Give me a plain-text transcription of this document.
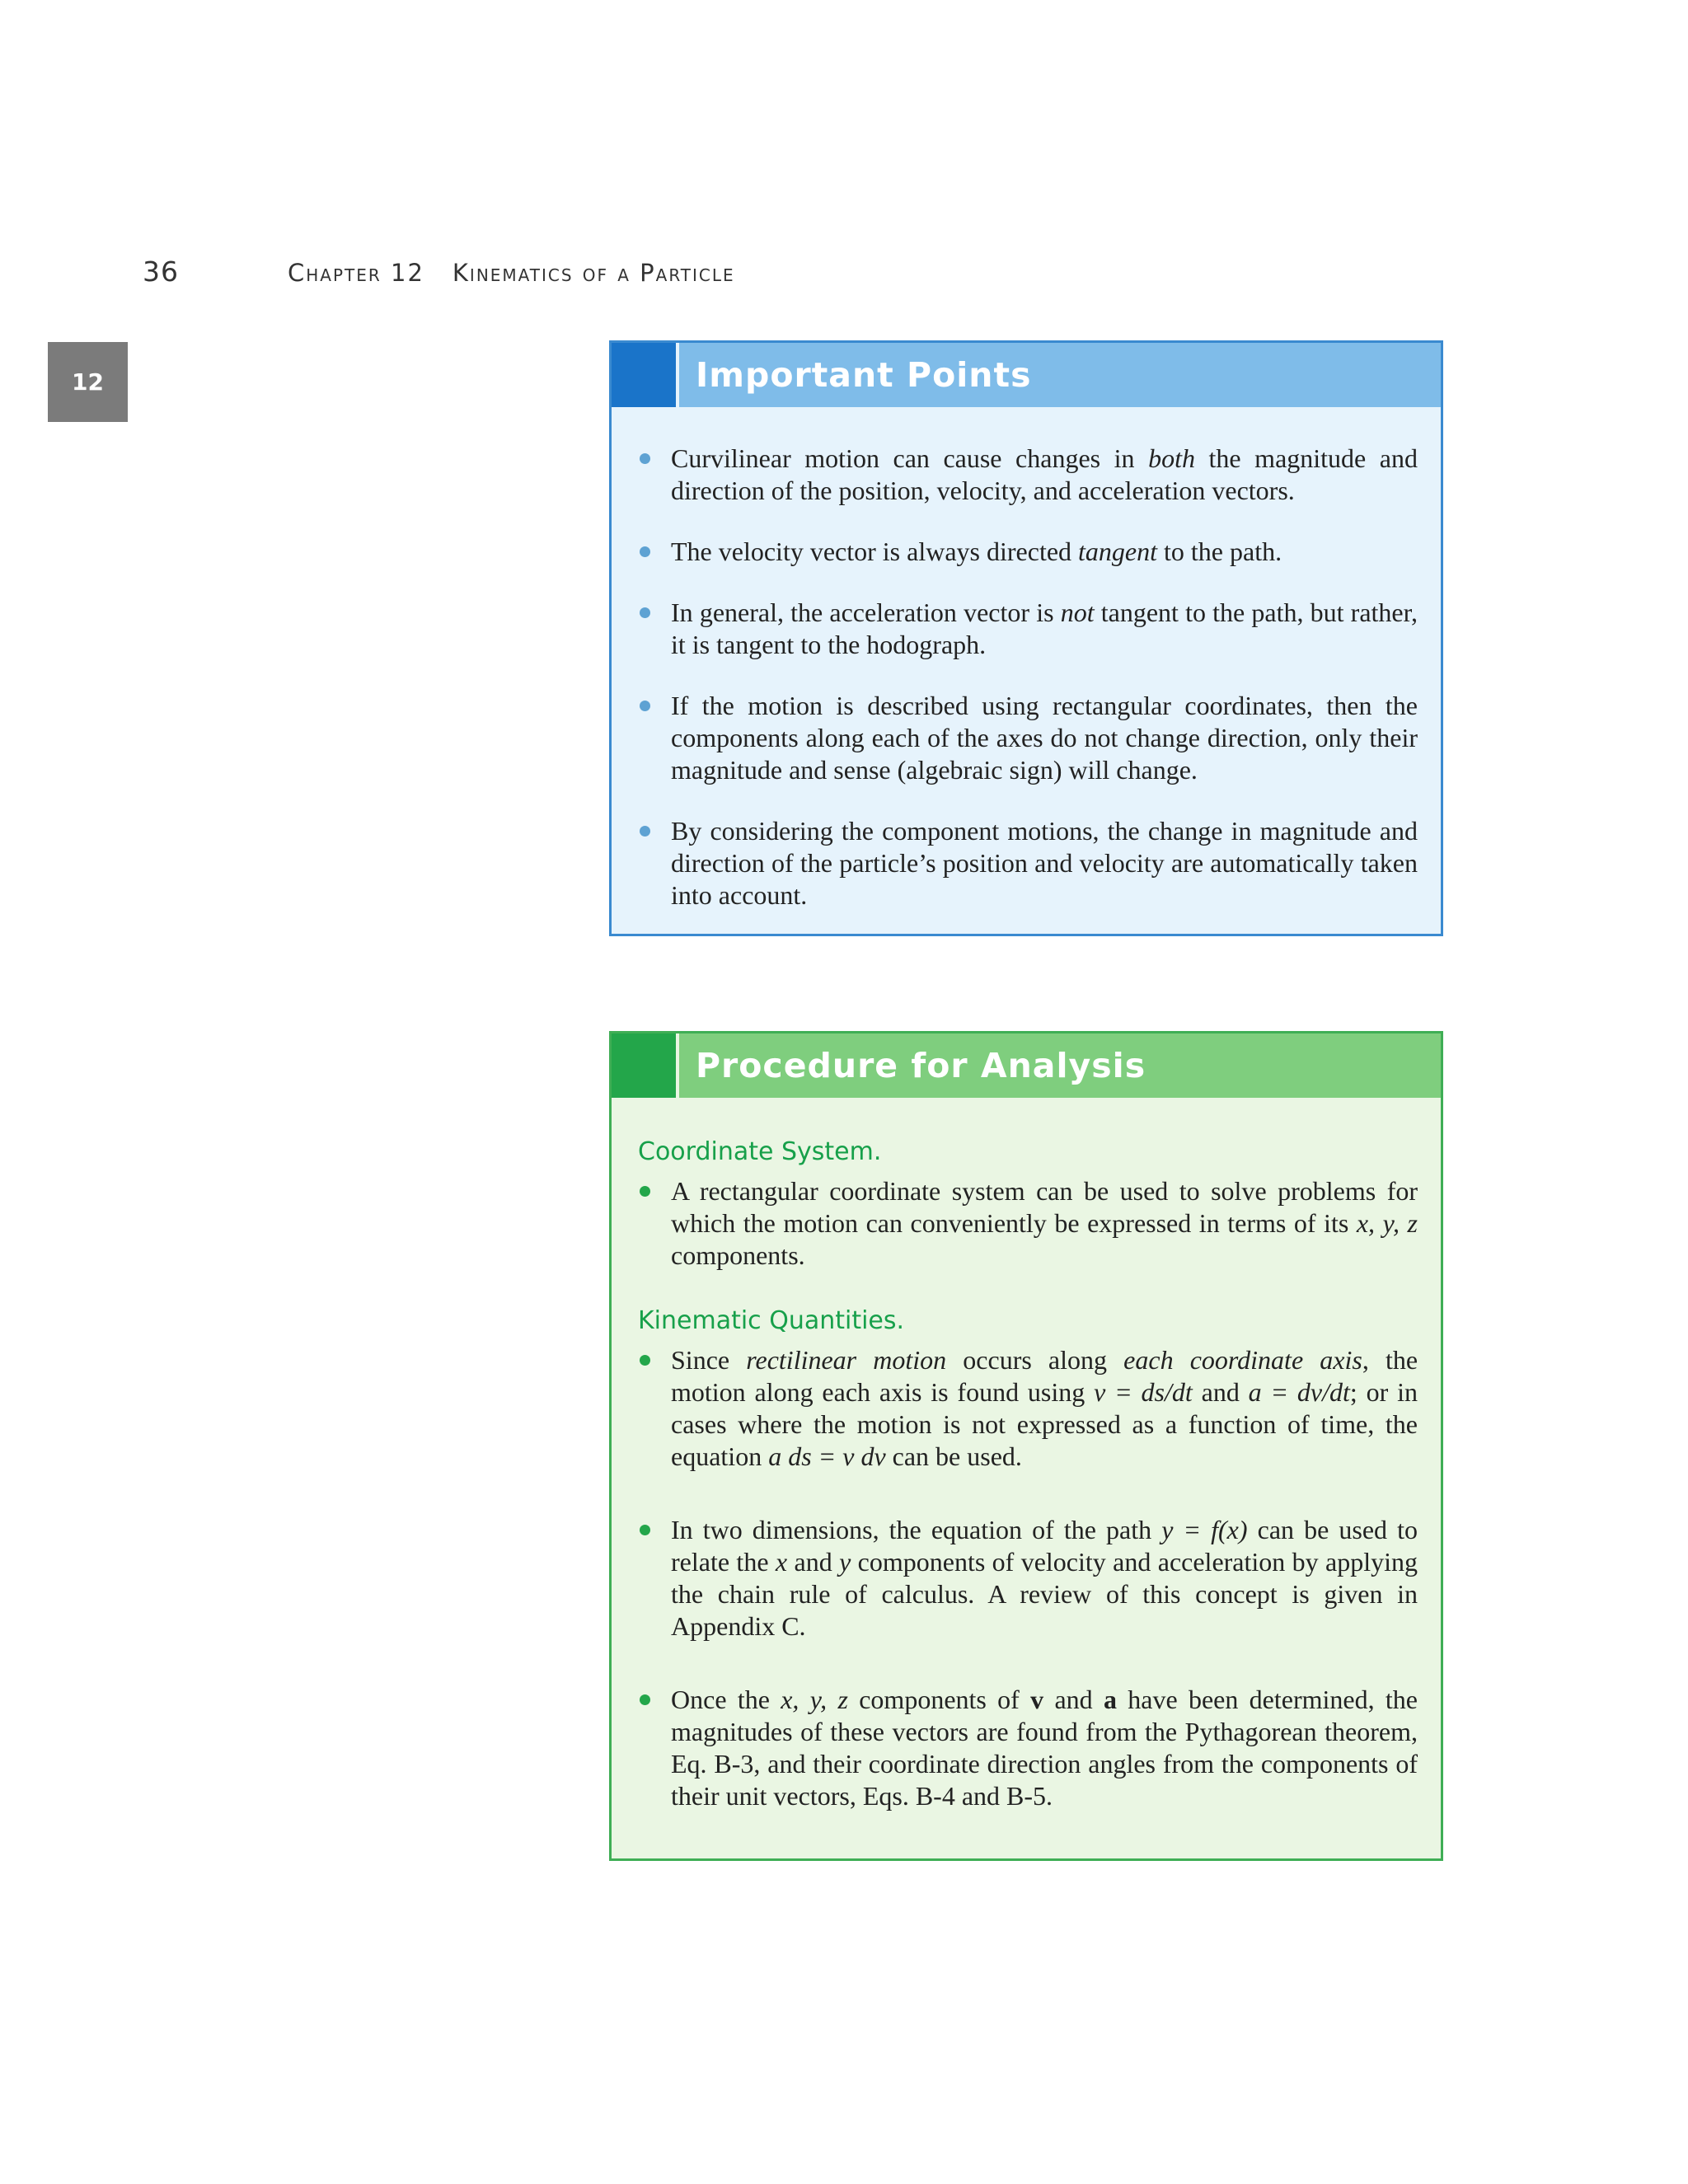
36	Chapter 12 Kinematics of a Particle
12	Important Points
Curvilinear motion can cause changes in both the magnitude and direction of the position, velocity, and acceleration vectors.
The velocity vector is always directed tangent to the path.
In general, the acceleration vector is not tangent to the path, but rather, it is tangent to the hodograph.
If the motion is described using rectangular coordinates, then the components along each of the axes do not change direction, only their magnitude and sense (algebraic sign) will change.
By considering the component motions, the change in magnitude and direction of the particle’s position and velocity are automatically taken into account.
Procedure for Analysis
Coordinate System.
A rectangular coordinate system can be used to solve problems for which the motion can conveniently be expressed in terms of its x, y, z components.
Kinematic Quantities.
Since rectilinear motion occurs along each coordinate axis, the motion along each axis is found using v = ds/dt and a = dv/dt; or in cases where the motion is not expressed as a function of time, the equation a ds = v dv can be used.
In two dimensions, the equation of the path y = f(x) can be used to relate the x and y components of velocity and acceleration by applying the chain rule of calculus. A review of this concept is given in Appendix C.
Once the x, y, z components of v and a have been determined, the magnitudes of these vectors are found from the Pythagorean theorem, Eq. B-3, and their coordinate direction angles from the components of their unit vectors, Eqs. B-4 and B-5.
